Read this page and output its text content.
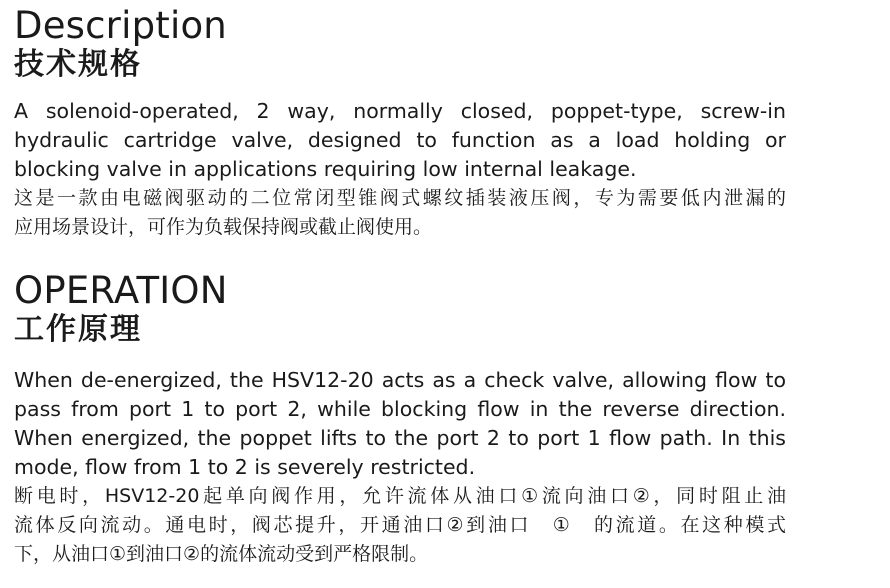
Description
技术规格
A solenoid-operated, 2 way, normally closed, poppet-type, screw-in
hydraulic cartridge valve, designed to function as a load holding or
blocking valve in applications requiring low internal leakage.
这是一款由电磁阀驱动的二位常闭型锥阀式螺纹插装液压阀，专为需要低内泄漏的
应用场景设计，可作为负载保持阀或截止阀使用。
OPERATION
工作原理
When de-energized, the HSV12-20 acts as a check valve, allowing flow to
pass from port 1 to port 2, while blocking flow in the reverse direction.
When energized, the poppet lifts to the port 2 to port 1 flow path. In this
mode, flow from 1 to 2 is severely restricted.
断电时，HSV12-20起单向阀作用，允许流体从油口①流向油口②，同时阻止油
流体反向流动。通电时，阀芯提升，开通油口②到油口　①　的流道。在这种模式
下，从油口①到油口②的流体流动受到严格限制。
